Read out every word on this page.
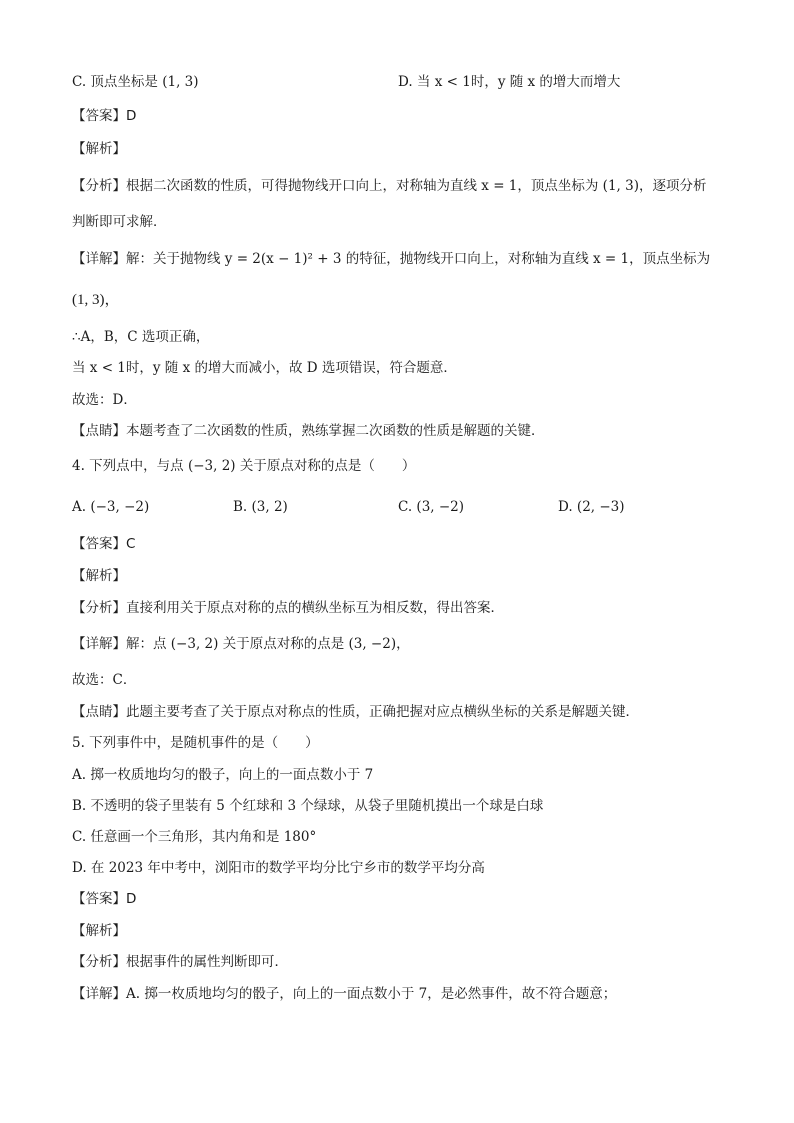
C. 顶点坐标是 (1, 3)	D. 当 x < 1时，y 随 x 的增大而增大
【答案】D
【解析】
【分析】根据二次函数的性质，可得抛物线开口向上，对称轴为直线 x = 1，顶点坐标为 (1, 3)，逐项分析
判断即可求解．
【详解】解：关于抛物线 y = 2(x − 1)² + 3 的特征，抛物线开口向上，对称轴为直线 x = 1，顶点坐标为
(1, 3)，
∴A，B，C 选项正确，
当 x < 1时，y 随 x 的增大而减小，故 D 选项错误，符合题意．
故选：D．
【点睛】本题考查了二次函数的性质，熟练掌握二次函数的性质是解题的关键．
4. 下列点中，与点 (−3, 2) 关于原点对称的点是（　　）
A. (−3, −2)	B. (3, 2)	C. (3, −2)	D. (2, −3)
【答案】C
【解析】
【分析】直接利用关于原点对称的点的横纵坐标互为相反数，得出答案．
【详解】解：点 (−3, 2) 关于原点对称的点是 (3, −2)，
故选：C．
【点睛】此题主要考查了关于原点对称点的性质，正确把握对应点横纵坐标的关系是解题关键．
5. 下列事件中，是随机事件的是（　　）
A. 掷一枚质地均匀的骰子，向上的一面点数小于 7
B. 不透明的袋子里装有 5 个红球和 3 个绿球，从袋子里随机摸出一个球是白球
C. 任意画一个三角形，其内角和是 180°
D. 在 2023 年中考中，浏阳市的数学平均分比宁乡市的数学平均分高
【答案】D
【解析】
【分析】根据事件的属性判断即可．
【详解】A. 掷一枚质地均匀的骰子，向上的一面点数小于 7，是必然事件，故不符合题意；
